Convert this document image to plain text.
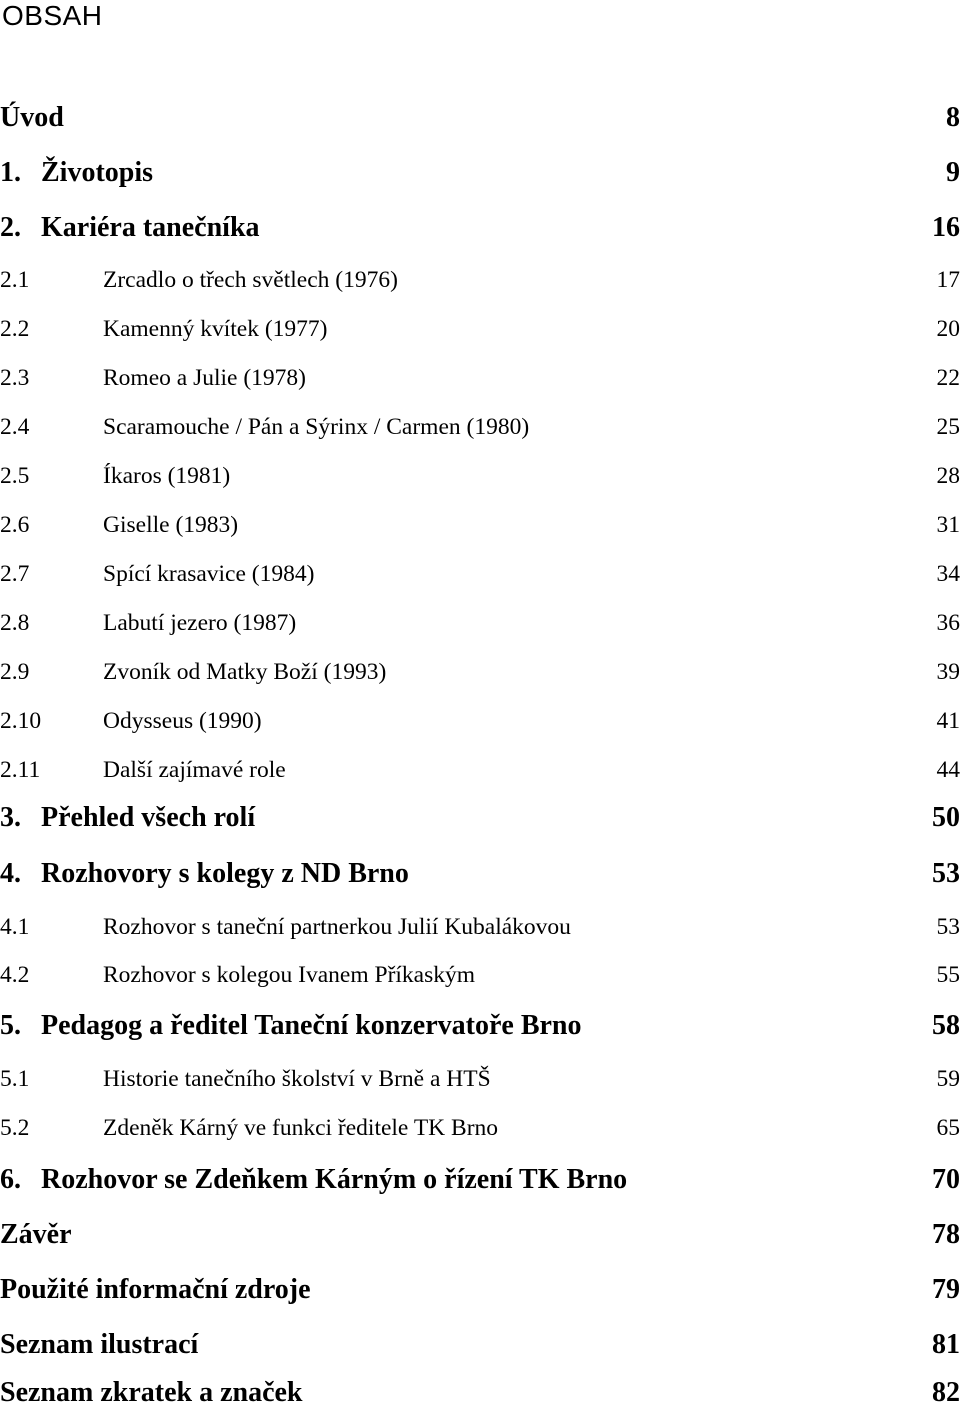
OBSAH
Úvod	8
1. Životopis	9
2. Kariéra tanečníka	16
2.1	Zrcadlo o třech světlech (1976)	17
2.2	Kamenný kvítek (1977)	20
2.3	Romeo a Julie (1978)	22
2.4	Scaramouche / Pán a Sýrinx / Carmen (1980)	25
2.5	Íkaros (1981)	28
2.6	Giselle (1983)	31
2.7	Spící krasavice (1984)	34
2.8	Labutí jezero (1987)	36
2.9	Zvoník od Matky Boží (1993)	39
2.10	Odysseus (1990)	41
2.11	Další zajímavé role	44
3. Přehled všech rolí	50
4. Rozhovory s kolegy z ND Brno	53
4.1	Rozhovor s taneční partnerkou Julií Kubalákovou	53
4.2	Rozhovor s kolegou Ivanem Příkaským	55
5. Pedagog a ředitel Taneční konzervatoře Brno	58
5.1	Historie tanečního školství v Brně a HTŠ	59
5.2	Zdeněk Kárný ve funkci ředitele TK Brno	65
6. Rozhovor se Zdeňkem Kárným o řízení TK Brno	70
Závěr	78
Použité informační zdroje	79
Seznam ilustrací	81
Seznam zkratek a značek	82
